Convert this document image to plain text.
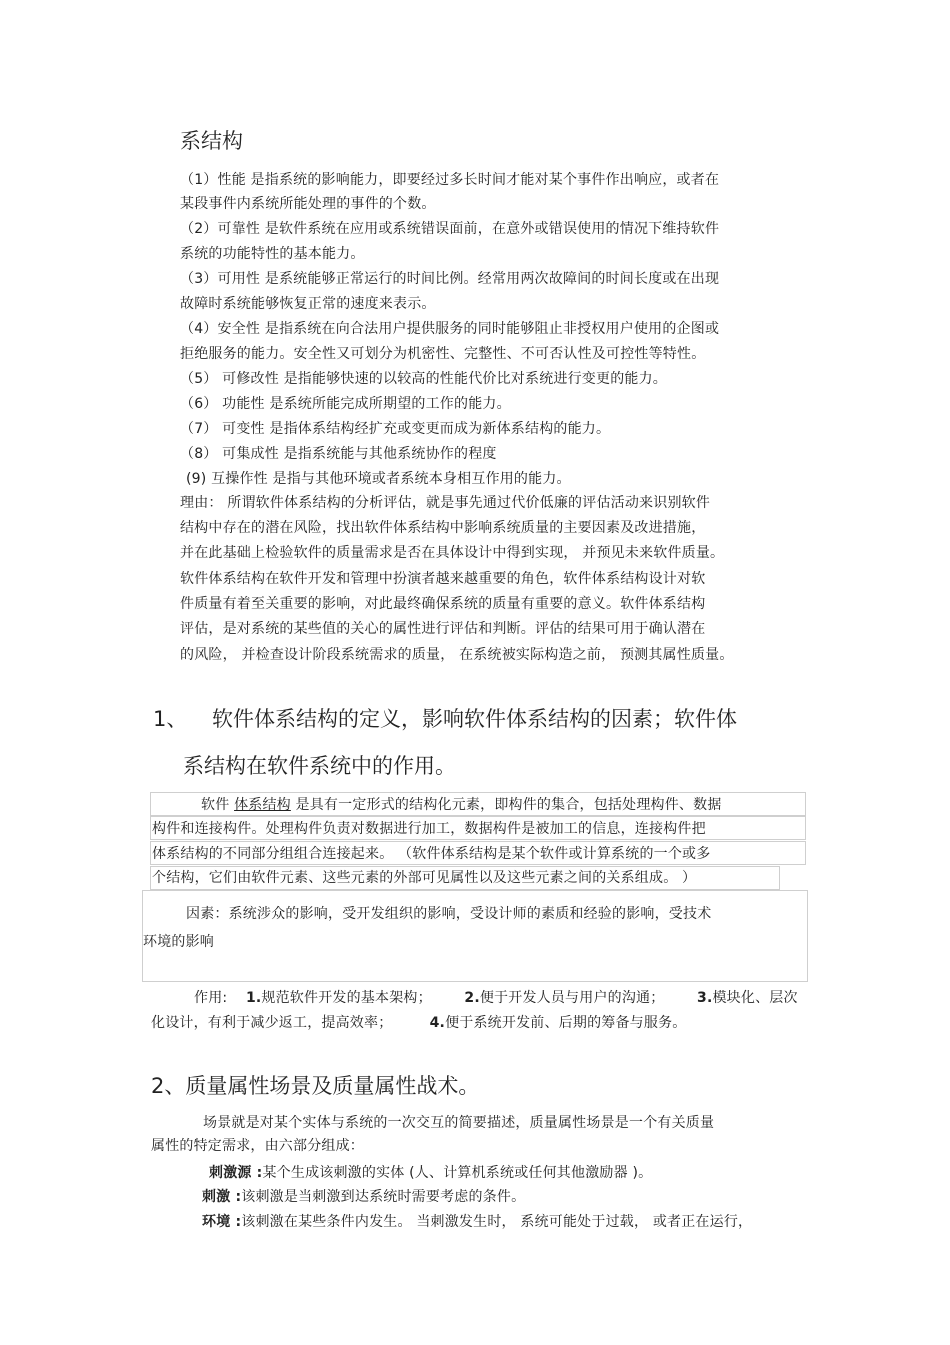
系结构
（1）性能 是指系统的影响能力，即要经过多长时间才能对某个事件作出响应，或者在
某段事件内系统所能处理的事件的个数。
（2）可靠性 是软件系统在应用或系统错误面前，在意外或错误使用的情况下维持软件
系统的功能特性的基本能力。
（3）可用性 是系统能够正常运行的时间比例。经常用两次故障间的时间长度或在出现
故障时系统能够恢复正常的速度来表示。
（4）安全性 是指系统在向合法用户提供服务的同时能够阻止非授权用户使用的企图或
拒绝服务的能力。安全性又可划分为机密性、完整性、不可否认性及可控性等特性。
（5） 可修改性 是指能够快速的以较高的性能代价比对系统进行变更的能力。
（6） 功能性 是系统所能完成所期望的工作的能力。
（7） 可变性 是指体系结构经扩充或变更而成为新体系结构的能力。
（8） 可集成性 是指系统能与其他系统协作的程度
(9) 互操作性 是指与其他环境或者系统本身相互作用的能力。
理由： 所谓软件体系结构的分析评估，就是事先通过代价低廉的评估活动来识别软件
结构中存在的潜在风险，找出软件体系结构中影响系统质量的主要因素及改进措施，
并在此基础上检验软件的质量需求是否在具体设计中得到实现， 并预见未来软件质量。
软件体系结构在软件开发和管理中扮演者越来越重要的角色，软件体系结构设计对软
件质量有着至关重要的影响，对此最终确保系统的质量有重要的意义。软件体系结构
评估，是对系统的某些值的关心的属性进行评估和判断。评估的结果可用于确认潜在
的风险， 并检查设计阶段系统需求的质量， 在系统被实际构造之前， 预测其属性质量。
1、 软件体系结构的定义，影响软件体系结构的因素；软件体
系结构在软件系统中的作用。
软件 体系结构 是具有一定形式的结构化元素，即构件的集合，包括处理构件、数据
构件和连接构件。处理构件负责对数据进行加工，数据构件是被加工的信息，连接构件把
体系结构的不同部分组组合连接起来。 （软件体系结构是某个软件或计算系统的一个或多
个结构，它们由软件元素、这些元素的外部可见属性以及这些元素之间的关系组成。 ）
因素：系统涉众的影响，受开发组织的影响，受设计师的素质和经验的影响，受技术
环境的影响
作用: 1.规范软件开发的基本架构； 2.便于开发人员与用户的沟通； 3.模块化、层次
化设计，有利于减少返工，提高效率；	4.便于系统开发前、后期的筹备与服务。
2、质量属性场景及质量属性战术。
场景就是对某个实体与系统的一次交互的简要描述，质量属性场景是一个有关质量
属性的特定需求，由六部分组成：
刺激源 :某个生成该刺激的实体 (人、计算机系统或任何其他激励器 )。
刺激 :该刺激是当刺激到达系统时需要考虑的条件。
环境 :该刺激在某些条件内发生。 当刺激发生时， 系统可能处于过载， 或者正在运行，
